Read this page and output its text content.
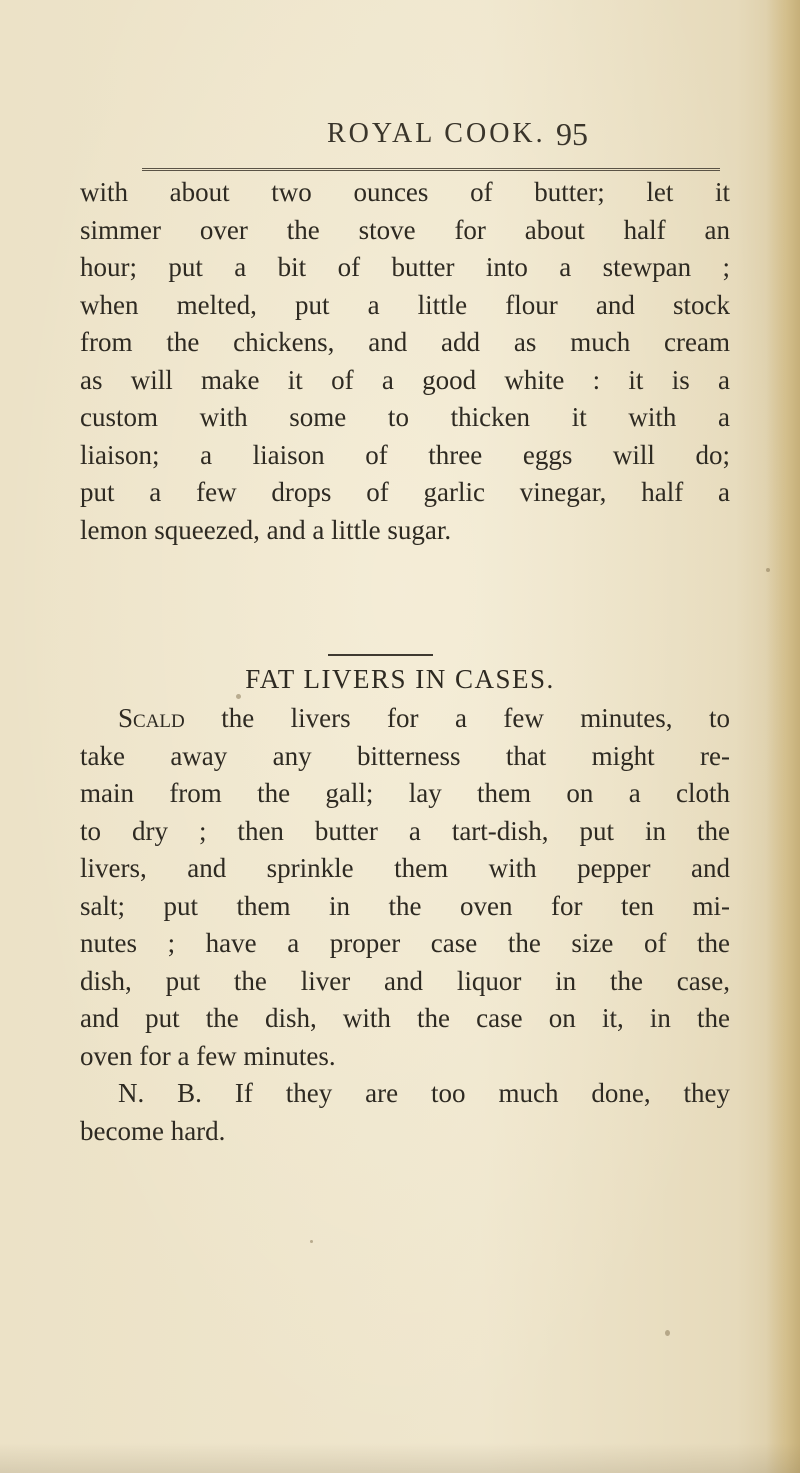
ROYAL COOK. 95
with about two ounces of butter; let it
simmer over the stove for about half an
hour; put a bit of butter into a stewpan ;
when melted, put a little flour and stock
from the chickens, and add as much cream
as will make it of a good white : it is a
custom with some to thicken it with a
liaison; a liaison of three eggs will do;
put a few drops of garlic vinegar, half a
lemon squeezed, and a little sugar.
FAT LIVERS IN CASES.
Scald the livers for a few minutes, to
take away any bitterness that might re-
main from the gall; lay them on a cloth
to dry ; then butter a tart-dish, put in the
livers, and sprinkle them with pepper and
salt; put them in the oven for ten mi-
nutes ; have a proper case the size of the
dish, put the liver and liquor in the case,
and put the dish, with the case on it, in the
oven for a few minutes.
N. B. If they are too much done, they
become hard.
